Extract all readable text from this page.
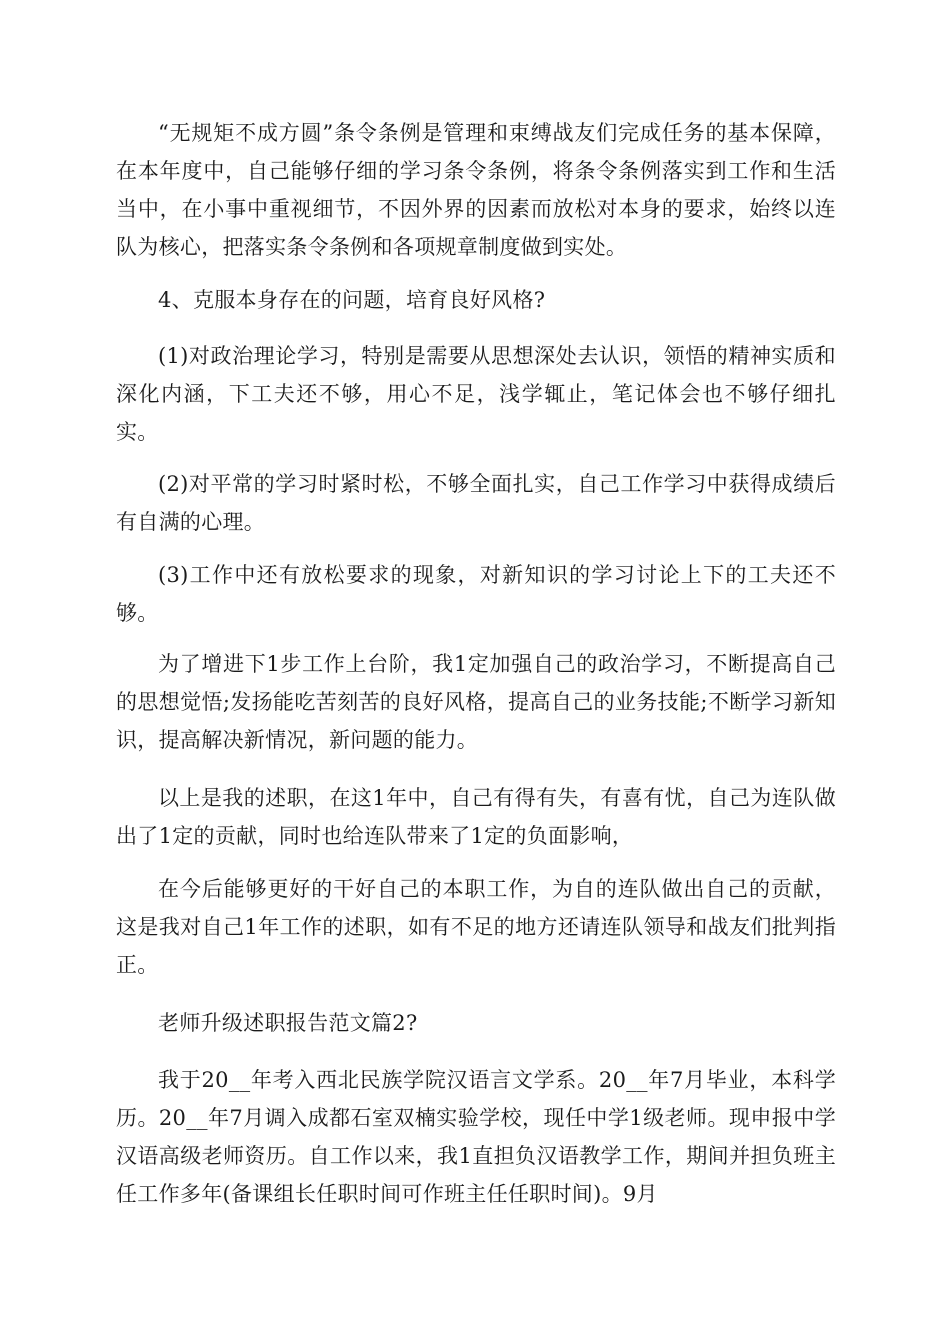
“无规矩不成方圆”条令条例是管理和束缚战友们完成任务的基本保障，在本年度中，自己能够仔细的学习条令条例，将条令条例落实到工作和生活当中，在小事中重视细节，不因外界的因素而放松对本身的要求，始终以连队为核心，把落实条令条例和各项规章制度做到实处。

4、克服本身存在的问题，培育良好风格?

(1)对政治理论学习，特别是需要从思想深处去认识，领悟的精神实质和深化内涵，下工夫还不够，用心不足，浅学辄止，笔记体会也不够仔细扎实。

(2)对平常的学习时紧时松，不够全面扎实，自己工作学习中获得成绩后有自满的心理。

(3)工作中还有放松要求的现象，对新知识的学习讨论上下的工夫还不够。

为了增进下1步工作上台阶，我1定加强自己的政治学习，不断提高自己的思想觉悟;发扬能吃苦刻苦的良好风格，提高自己的业务技能;不断学习新知识，提高解决新情况，新问题的能力。

以上是我的述职，在这1年中，自己有得有失，有喜有忧，自己为连队做出了1定的贡献，同时也给连队带来了1定的负面影响，

在今后能够更好的干好自己的本职工作，为自的连队做出自己的贡献，这是我对自己1年工作的述职，如有不足的地方还请连队领导和战友们批判指正。

老师升级述职报告范文篇2?

我于20__年考入西北民族学院汉语言文学系。20__年7月毕业，本科学历。20__年7月调入成都石室双楠实验学校，现任中学1级老师。现申报中学汉语高级老师资历。自工作以来，我1直担负汉语教学工作，期间并担负班主任工作多年(备课组长任职时间可作班主任任职时间)。9月
